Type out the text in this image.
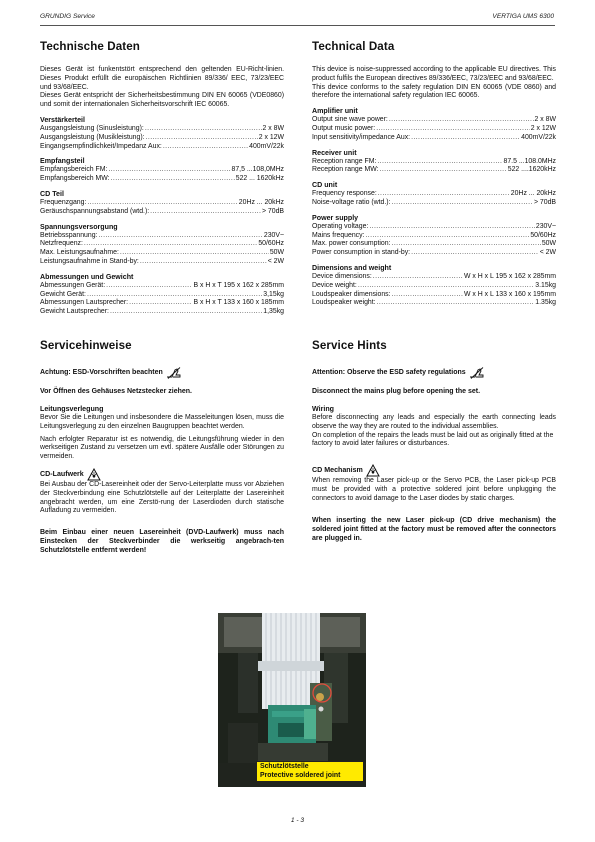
GRUNDIG Service	VERTIGA UMS 6300
Technische Daten

Dieses Gerät ist funkentstört entsprechend den geltenden EU-Richt-linien. Dieses Produkt erfüllt die europäischen Richtlinien 89/336/ EEC, 73/23/EEC und 93/68/EEC.

Dieses Gerät entspricht der Sicherheitsbestimmung DIN EN 60065 (VDE0860) und somit der internationalen Sicherheitsvorschrift IEC 60065.

Verstärkerteil
Ausgangsleistung (Sinusleistung): .....	2 x 8W
Ausgangsleistung (Musikleistung): .....	2 x 12W
Eingangsempfindlichkeit/Impedanz Aux: .....	400mV/22k
Empfangsteil
Empfangsbereich FM: .....	87,5 ...108,0MHz
Empfangsbereich MW: .....	522 ... 1620kHz
CD Teil
Frequenzgang: .....	20Hz ... 20kHz
Geräuschspannungsabstand (wtd.): .....	> 70dB
Spannungsversorgung
Betriebsspannung: .....	230V~
Netzfrequenz: .....	50/60Hz
Max. Leistungsaufnahme: .....	50W
Leistungsaufnahme in Stand-by: .....	< 2W
Abmessungen und Gewicht
Abmessungen Gerät: .....	B x H x T 195 x 162 x 285mm
Gewicht Gerät: .....	3,15kg
Abmessungen Lautsprecher: .....	B x H x T 133 x 160 x 185mm
Gewicht Lautsprecher: .....	1,35kg
Technical Data

This device is noise-suppressed according to the applicable EU directives. This product fulfils the European directives 89/336/EEC, 73/23/EEC and 93/68/EEC.

This device conforms to the safety regulation DIN EN 60065 (VDE 0860) and therefore the international safety regulation IEC 60065.

Amplifier unit
Output sine wave power: .....	2 x 8W
Output music power: .....	2 x 12W
Input sensitivity/impedance Aux: .....	400mV/22k
Receiver unit
Reception range FM: .....	87.5 ...108.0MHz
Reception range MW: .....	522 ....1620kHz
CD unit
Frequency response: .....	20Hz ... 20kHz
Noise-voltage ratio (wtd.): .....	> 70dB
Power supply
Operating voltage: .....	230V~
Mains frequency: .....	50/60Hz
Max. power consumption: .....	50W
Power consumption in stand-by: .....	< 2W
Dimensions and weight
Device dimensions: .....	W x H x L 195 x 162 x 285mm
Device weight: .....	3.15kg
Loudspeaker dimensions: .....	W x H x L 133 x 160 x 195mm
Loudspeaker weight: .....	1.35kg
Servicehinweise
Achtung: ESD-Vorschriften beachten
Vor Öffnen des Gehäuses Netzstecker ziehen.
Leitungsverlegung
Bevor Sie die Leitungen und insbesondere die Masseleitungen lösen, muss die Leitungsverlegung zu den einzelnen Baugruppen beachtet werden.
Nach erfolgter Reparatur ist es notwendig, die Leitungsführung wieder in den werkseitigen Zustand zu versetzen um evtl. spätere Ausfälle oder Störungen zu vermeiden.
CD-Laufwerk
Bei Ausbau der CD-Lasereinheit oder der Servo-Leiterplatte muss vor Abziehen der Steckverbindung eine Schutzlötstelle auf der Leiterplatte der Lasereinheit angebracht werden, um eine Zerstö-rung der Laserdioden durch statische Aufladung zu vermeiden.
Beim Einbau einer neuen Lasereinheit (DVD-Laufwerk) muss nach Einstecken der Steckverbinder die werkseitig angebrach-ten Schutzlötstelle entfernt werden!
Service Hints
Attention: Observe the ESD safety regulations
Disconnect the mains plug before opening the set.
Wiring
Before disconnecting any leads and especially the earth connecting leads observe the way they are routed to the individual assemblies.
On completion of the repairs the leads must be laid out as originally fitted at the factory to avoid later failures or disturbances.
CD Mechanism
When removing the Laser pick-up or the Servo PCB, the Laser pick-up PCB must be provided with a protective soldered joint before unplugging the connectors to avoid damage to the Laser diodes by static charges.
When inserting the new Laser pick-up (CD drive mechanism) the soldered joint fitted at the factory must be removed after the connectors are plugged in.
Schutzlötstelle
Protective soldered joint
1 - 3
